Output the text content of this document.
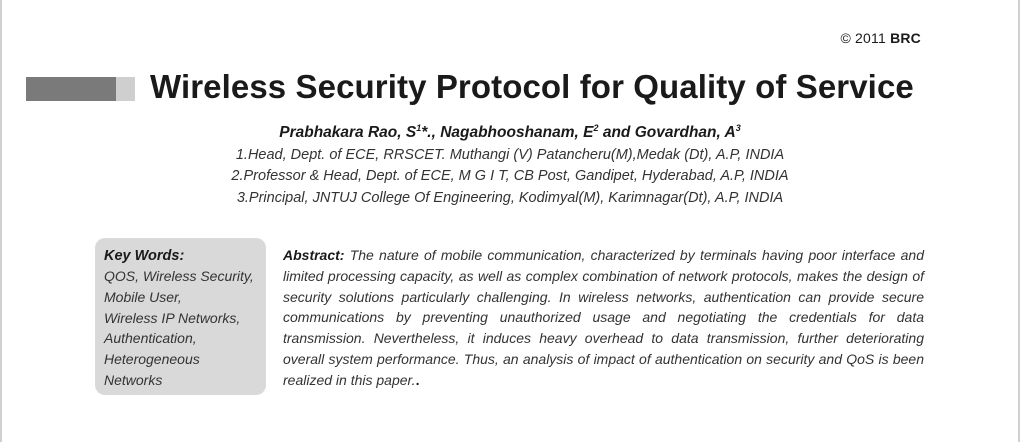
© 2011 BRC
Wireless Security Protocol for Quality of Service
Prabhakara Rao, $S^1*$., Nagabhooshanam, $E^2$ and Govardhan, $A^3$
1.Head, Dept. of ECE, RRSCET. Muthangi (V) Patancheru(M),Medak (Dt), A.P, INDIA
2.Professor & Head, Dept. of ECE, M G I T, CB Post, Gandipet, Hyderabad, A.P, INDIA
3.Principal, JNTUJ College Of Engineering, Kodimyal(M), Karimnagar(Dt), A.P, INDIA
Key Words:
QOS, Wireless Security,
Mobile User,
Wireless IP Networks,
Authentication,
Heterogeneous
Networks
Abstract: The nature of mobile communication, characterized by terminals having poor interface and limited processing capacity, as well as complex combination of network protocols, makes the design of security solutions particularly challenging. In wireless networks, authentication can provide secure communications by preventing unauthorized usage and negotiating the credentials for data transmission. Nevertheless, it induces heavy overhead to data transmission, further deteriorating overall system performance. Thus, an analysis of impact of authentication on security and QoS is been realized in this paper..
